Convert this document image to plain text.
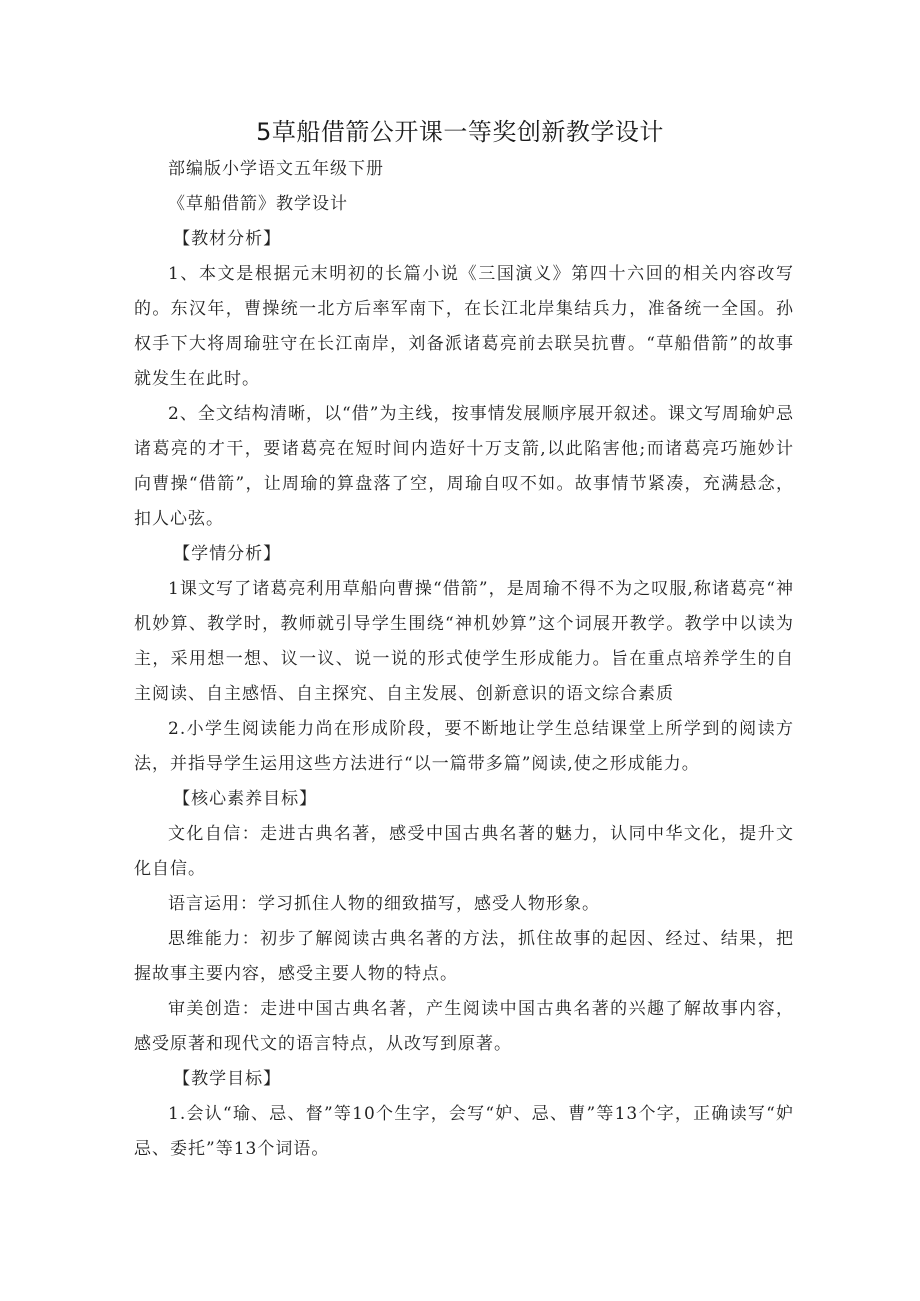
5草船借箭公开课一等奖创新教学设计

部编版小学语文五年级下册

《草船借箭》教学设计

【教材分析】

1、本文是根据元末明初的长篇小说《三国演义》第四十六回的相关内容改写的。东汉年，曹操统一北方后率军南下，在长江北岸集结兵力，准备统一全国。孙权手下大将周瑜驻守在长江南岸，刘备派诸葛亮前去联吴抗曹。“草船借箭”的故事就发生在此时。

2、全文结构清晰，以“借”为主线，按事情发展顺序展开叙述。课文写周瑜妒忌诸葛亮的才干，要诸葛亮在短时间内造好十万支箭,以此陷害他;而诸葛亮巧施妙计向曹操“借箭”，让周瑜的算盘落了空，周瑜自叹不如。故事情节紧凑，充满悬念，扣人心弦。

【学情分析】

1课文写了诸葛亮利用草船向曹操“借箭”，是周瑜不得不为之叹服,称诸葛亮“神机妙算、教学时，教师就引导学生围绕“神机妙算”这个词展开教学。教学中以读为主，采用想一想、议一议、说一说的形式使学生形成能力。旨在重点培养学生的自主阅读、自主感悟、自主探究、自主发展、创新意识的语文综合素质

2.小学生阅读能力尚在形成阶段，要不断地让学生总结课堂上所学到的阅读方法，并指导学生运用这些方法进行“以一篇带多篇”阅读,使之形成能力。

【核心素养目标】

文化自信：走进古典名著，感受中国古典名著的魅力，认同中华文化，提升文化自信。

语言运用：学习抓住人物的细致描写，感受人物形象。

思维能力：初步了解阅读古典名著的方法，抓住故事的起因、经过、结果，把握故事主要内容，感受主要人物的特点。

审美创造：走进中国古典名著，产生阅读中国古典名著的兴趣了解故事内容，感受原著和现代文的语言特点，从改写到原著。

【教学目标】

1.会认“瑜、忌、督”等10个生字，会写“妒、忌、曹”等13个字，正确读写“妒忌、委托”等13个词语。
